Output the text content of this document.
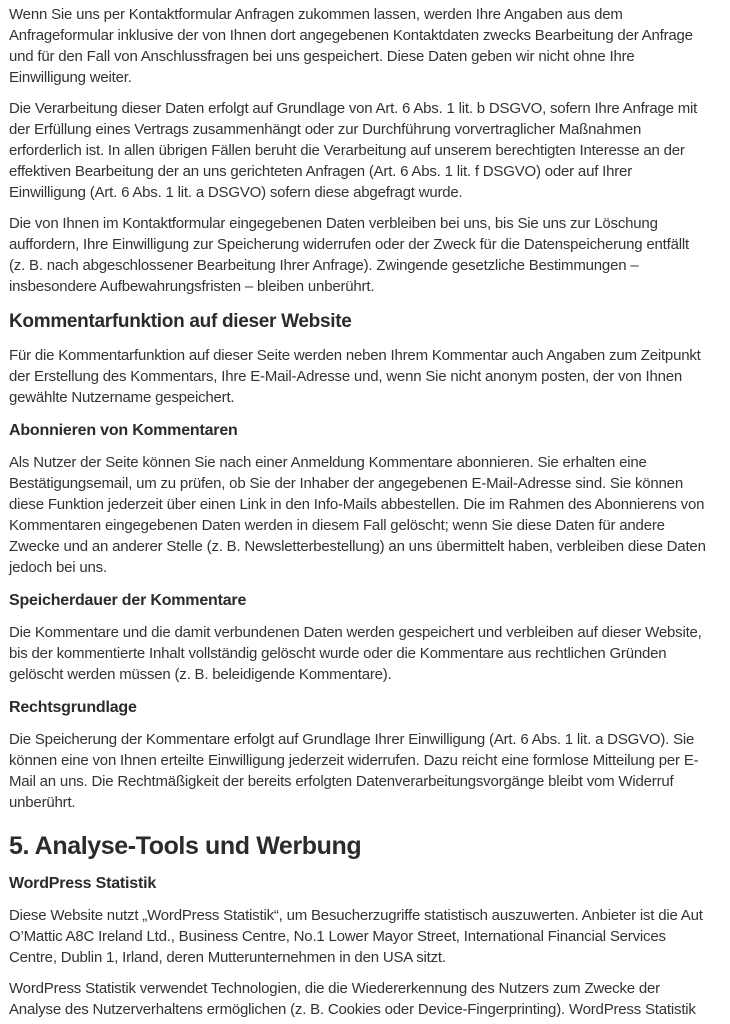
Wenn Sie uns per Kontaktformular Anfragen zukommen lassen, werden Ihre Angaben aus dem Anfrageformular inklusive der von Ihnen dort angegebenen Kontaktdaten zwecks Bearbeitung der Anfrage und für den Fall von Anschlussfragen bei uns gespeichert. Diese Daten geben wir nicht ohne Ihre Einwilligung weiter.

Die Verarbeitung dieser Daten erfolgt auf Grundlage von Art. 6 Abs. 1 lit. b DSGVO, sofern Ihre Anfrage mit der Erfüllung eines Vertrags zusammenhängt oder zur Durchführung vorvertraglicher Maßnahmen erforderlich ist. In allen übrigen Fällen beruht die Verarbeitung auf unserem berechtigten Interesse an der effektiven Bearbeitung der an uns gerichteten Anfragen (Art. 6 Abs. 1 lit. f DSGVO) oder auf Ihrer Einwilligung (Art. 6 Abs. 1 lit. a DSGVO) sofern diese abgefragt wurde.

Die von Ihnen im Kontaktformular eingegebenen Daten verbleiben bei uns, bis Sie uns zur Löschung auffordern, Ihre Einwilligung zur Speicherung widerrufen oder der Zweck für die Datenspeicherung entfällt (z. B. nach abgeschlossener Bearbeitung Ihrer Anfrage). Zwingende gesetzliche Bestimmungen – insbesondere Aufbewahrungsfristen – bleiben unberührt.

Kommentarfunktion auf dieser Website

Für die Kommentarfunktion auf dieser Seite werden neben Ihrem Kommentar auch Angaben zum Zeitpunkt der Erstellung des Kommentars, Ihre E-Mail-Adresse und, wenn Sie nicht anonym posten, der von Ihnen gewählte Nutzername gespeichert.

Abonnieren von Kommentaren

Als Nutzer der Seite können Sie nach einer Anmeldung Kommentare abonnieren. Sie erhalten eine Bestätigungsemail, um zu prüfen, ob Sie der Inhaber der angegebenen E-Mail-Adresse sind. Sie können diese Funktion jederzeit über einen Link in den Info-Mails abbestellen. Die im Rahmen des Abonnierens von Kommentaren eingegebenen Daten werden in diesem Fall gelöscht; wenn Sie diese Daten für andere Zwecke und an anderer Stelle (z. B. Newsletterbestellung) an uns übermittelt haben, verbleiben diese Daten jedoch bei uns.

Speicherdauer der Kommentare

Die Kommentare und die damit verbundenen Daten werden gespeichert und verbleiben auf dieser Website, bis der kommentierte Inhalt vollständig gelöscht wurde oder die Kommentare aus rechtlichen Gründen gelöscht werden müssen (z. B. beleidigende Kommentare).

Rechtsgrundlage

Die Speicherung der Kommentare erfolgt auf Grundlage Ihrer Einwilligung (Art. 6 Abs. 1 lit. a DSGVO). Sie können eine von Ihnen erteilte Einwilligung jederzeit widerrufen. Dazu reicht eine formlose Mitteilung per E-Mail an uns. Die Rechtmäßigkeit der bereits erfolgten Datenverarbeitungsvorgänge bleibt vom Widerruf unberührt.

5. Analyse-Tools und Werbung
WordPress Statistik

Diese Website nutzt „WordPress Statistik“, um Besucherzugriffe statistisch auszuwerten. Anbieter ist die Aut O’Mattic A8C Ireland Ltd., Business Centre, No.1 Lower Mayor Street, International Financial Services Centre, Dublin 1, Irland, deren Mutterunternehmen in den USA sitzt.

WordPress Statistik verwendet Technologien, die die Wiedererkennung des Nutzers zum Zwecke der Analyse des Nutzerverhaltens ermöglichen (z. B. Cookies oder Device-Fingerprinting). WordPress Statistik
